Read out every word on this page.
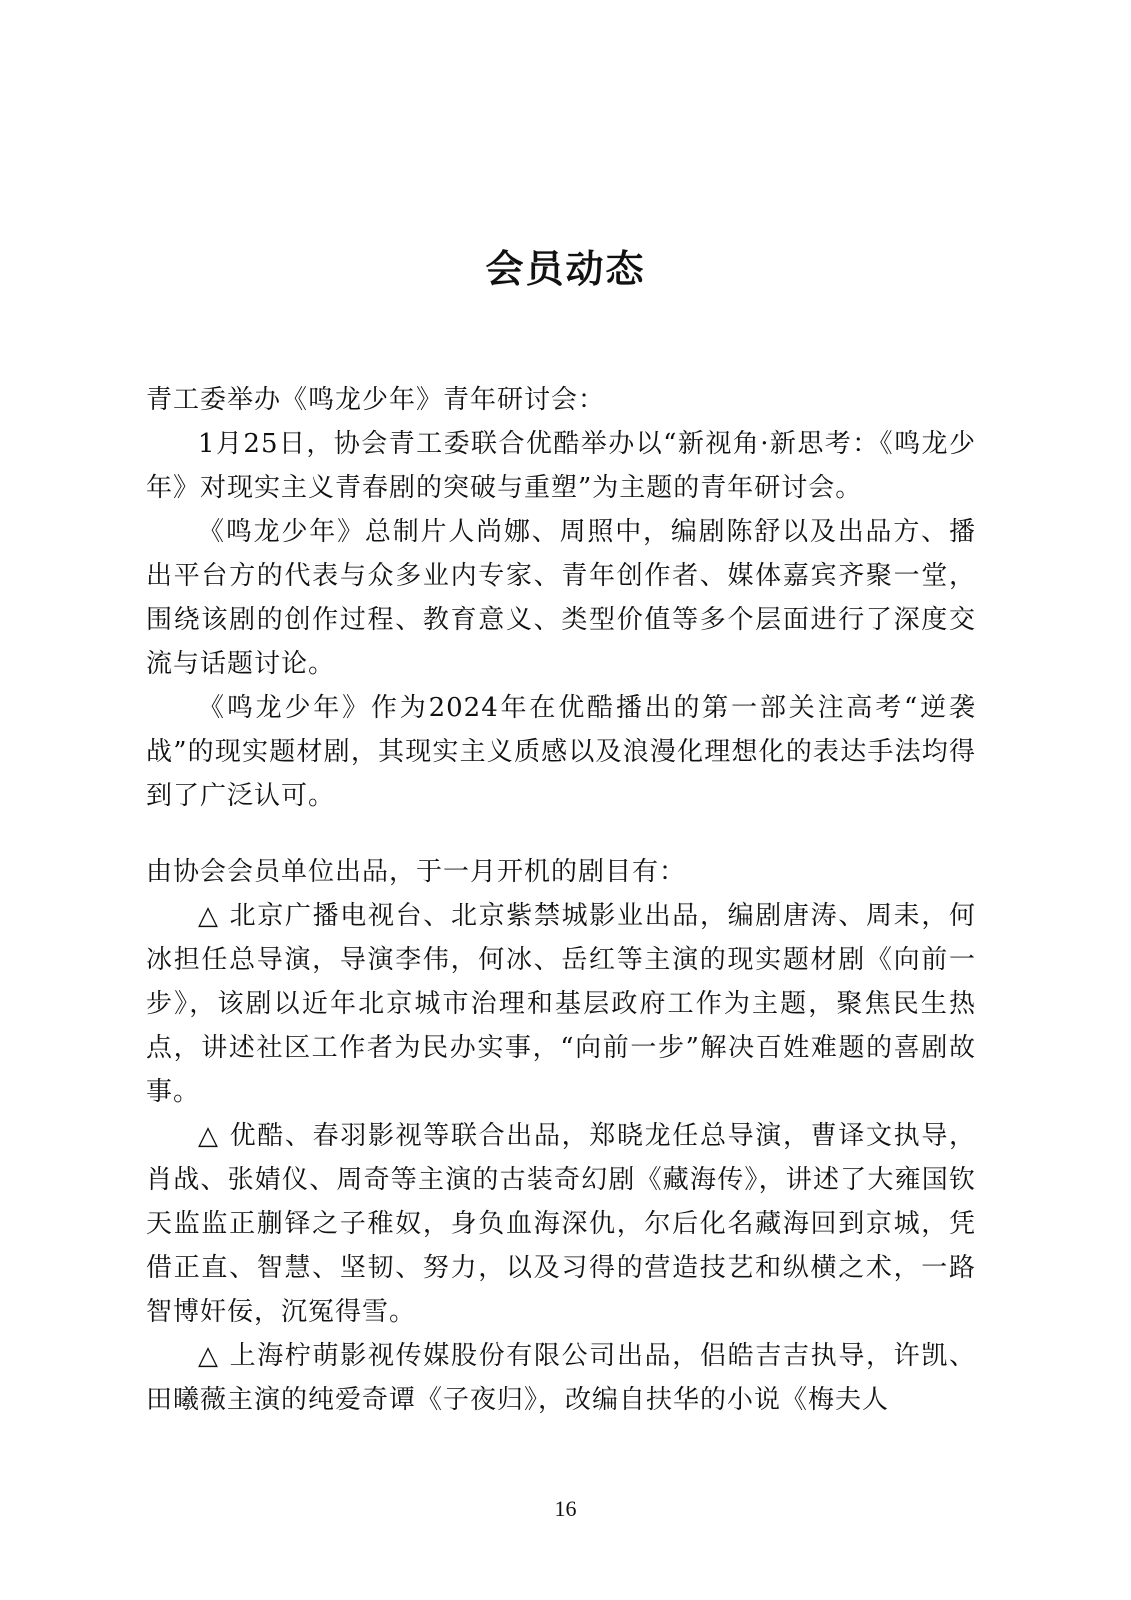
会员动态

青工委举办《鸣龙少年》青年研讨会：

1月25日，协会青工委联合优酷举办以“新视角·新思考：《鸣龙少年》对现实主义青春剧的突破与重塑”为主题的青年研讨会。

《鸣龙少年》总制片人尚娜、周照中，编剧陈舒以及出品方、播出平台方的代表与众多业内专家、青年创作者、媒体嘉宾齐聚一堂，围绕该剧的创作过程、教育意义、类型价值等多个层面进行了深度交流与话题讨论。

《鸣龙少年》作为2024年在优酷播出的第一部关注高考“逆袭战”的现实题材剧，其现实主义质感以及浪漫化理想化的表达手法均得到了广泛认可。

由协会会员单位出品，于一月开机的剧目有：

△ 北京广播电视台、北京紫禁城影业出品，编剧唐涛、周耒，何冰担任总导演，导演李伟，何冰、岳红等主演的现实题材剧《向前一步》，该剧以近年北京城市治理和基层政府工作为主题，聚焦民生热点，讲述社区工作者为民办实事，“向前一步”解决百姓难题的喜剧故事。

△ 优酷、春羽影视等联合出品，郑晓龙任总导演，曹译文执导，肖战、张婧仪、周奇等主演的古装奇幻剧《藏海传》，讲述了大雍国钦天监监正蒯铎之子稚奴，身负血海深仇，尔后化名藏海回到京城，凭借正直、智慧、坚韧、努力，以及习得的营造技艺和纵横之术，一路智博奸佞，沉冤得雪。

△ 上海柠萌影视传媒股份有限公司出品，侣皓吉吉执导，许凯、田曦薇主演的纯爱奇谭《子夜归》，改编自扶华的小说《梅夫人

16
